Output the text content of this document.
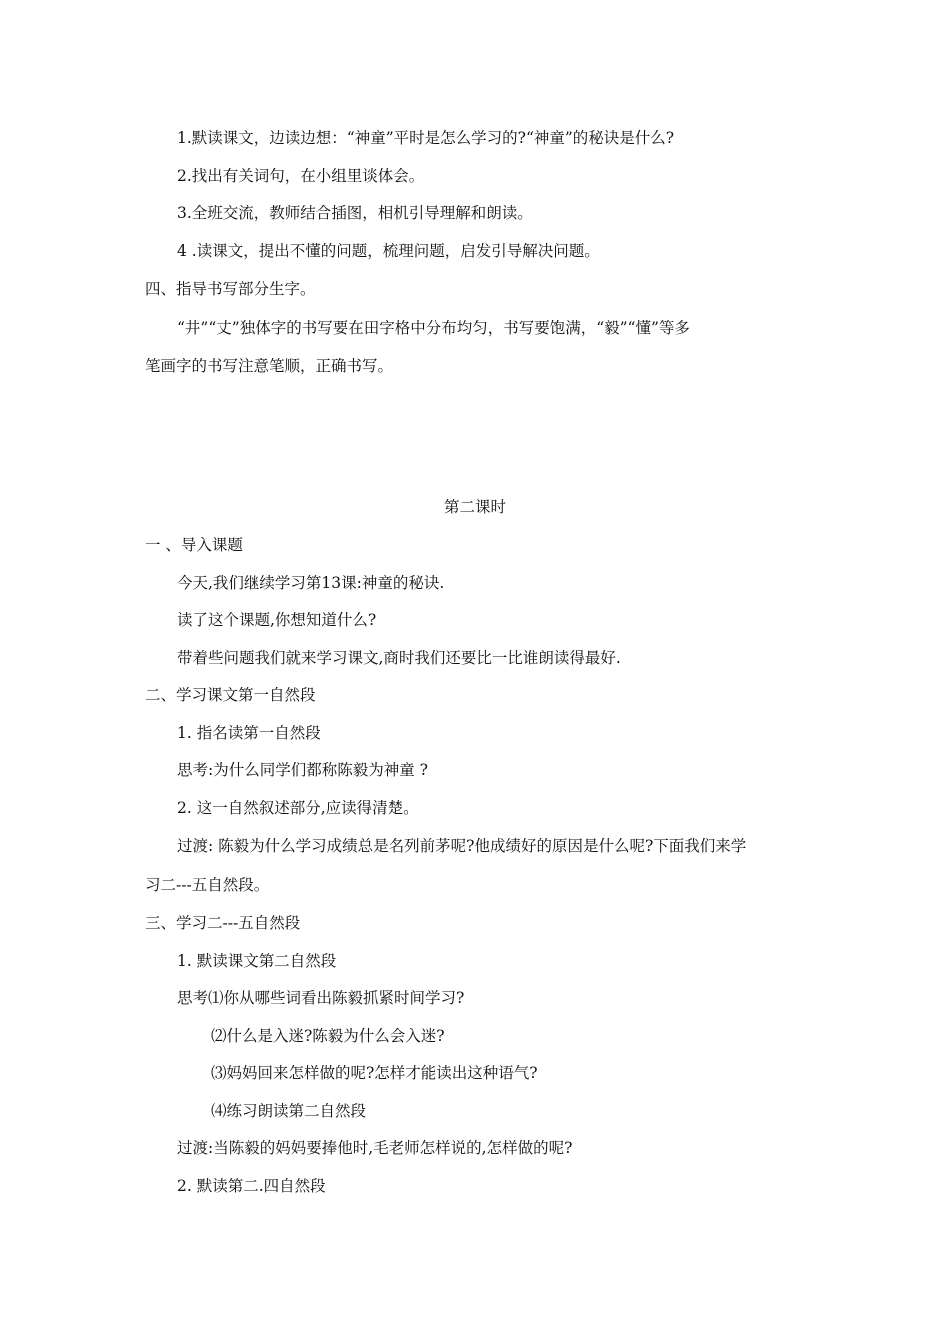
1.默读课文，边读边想：“神童”平时是怎么学习的?“神童”的秘诀是什么?

2.找出有关词句，在小组里谈体会。

3.全班交流，教师结合插图，相机引导理解和朗读。

4 .读课文，提出不懂的问题，梳理问题，启发引导解决问题。

四、指导书写部分生字。

“井”“丈”独体字的书写要在田字格中分布均匀，书写要饱满，“毅”“懂”等多

笔画字的书写注意笔顺，正确书写。

第二课时

一 、导入课题

今天,我们继续学习第13课:神童的秘诀.

读了这个课题,你想知道什么?

带着些问题我们就来学习课文,商时我们还要比一比谁朗读得最好.

二、学习课文第一自然段

1. 指名读第一自然段

思考:为什么同学们都称陈毅为神童 ?

2. 这一自然叙述部分,应读得清楚。

过渡: 陈毅为什么学习成绩总是名列前茅呢?他成绩好的原因是什么呢?下面我们来学

习二---五自然段。

三、学习二---五自然段

1. 默读课文第二自然段

思考⑴你从哪些词看出陈毅抓紧时间学习?

⑵什么是入迷?陈毅为什么会入迷?

⑶妈妈回来怎样做的呢?怎样才能读出这种语气?

⑷练习朗读第二自然段

过渡:当陈毅的妈妈要捧他时,毛老师怎样说的,怎样做的呢?

2. 默读第二.四自然段
